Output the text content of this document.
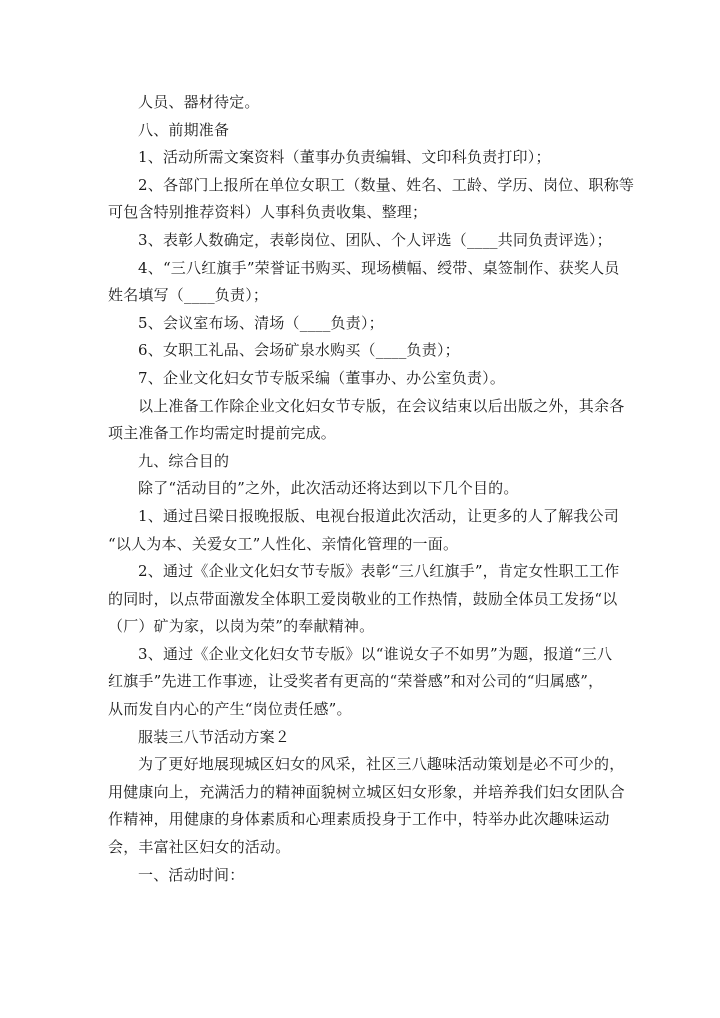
人员、器材待定。

八、前期准备

1、活动所需文案资料（董事办负责编辑、文印科负责打印）；

2、各部门上报所在单位女职工（数量、姓名、工龄、学历、岗位、职称等

可包含特别推荐资料）人事科负责收集、整理；

3、表彰人数确定，表彰岗位、团队、个人评选（____共同负责评选）；

4、“三八红旗手”荣誉证书购买、现场横幅、绶带、桌签制作、获奖人员

姓名填写（____负责）；

5、会议室布场、清场（____负责）；

6、女职工礼品、会场矿泉水购买（____负责）；

7、企业文化妇女节专版采编（董事办、办公室负责）。

以上准备工作除企业文化妇女节专版，在会议结束以后出版之外，其余各

项主准备工作均需定时提前完成。

九、综合目的

除了“活动目的”之外，此次活动还将达到以下几个目的。

1、通过吕梁日报晚报版、电视台报道此次活动，让更多的人了解我公司

“以人为本、关爱女工”人性化、亲情化管理的一面。

2、通过《企业文化妇女节专版》表彰“三八红旗手”，肯定女性职工工作

的同时，以点带面激发全体职工爱岗敬业的工作热情，鼓励全体员工发扬“以

（厂）矿为家，以岗为荣”的奉献精神。

3、通过《企业文化妇女节专版》以“谁说女子不如男”为题，报道“三八

红旗手”先进工作事迹，让受奖者有更高的“荣誉感”和对公司的“归属感”，

从而发自内心的产生“岗位责任感”。

服装三八节活动方案２

为了更好地展现城区妇女的风采，社区三八趣味活动策划是必不可少的，

用健康向上，充满活力的精神面貌树立城区妇女形象，并培养我们妇女团队合

作精神，用健康的身体素质和心理素质投身于工作中，特举办此次趣味运动

会，丰富社区妇女的活动。

一、活动时间：
